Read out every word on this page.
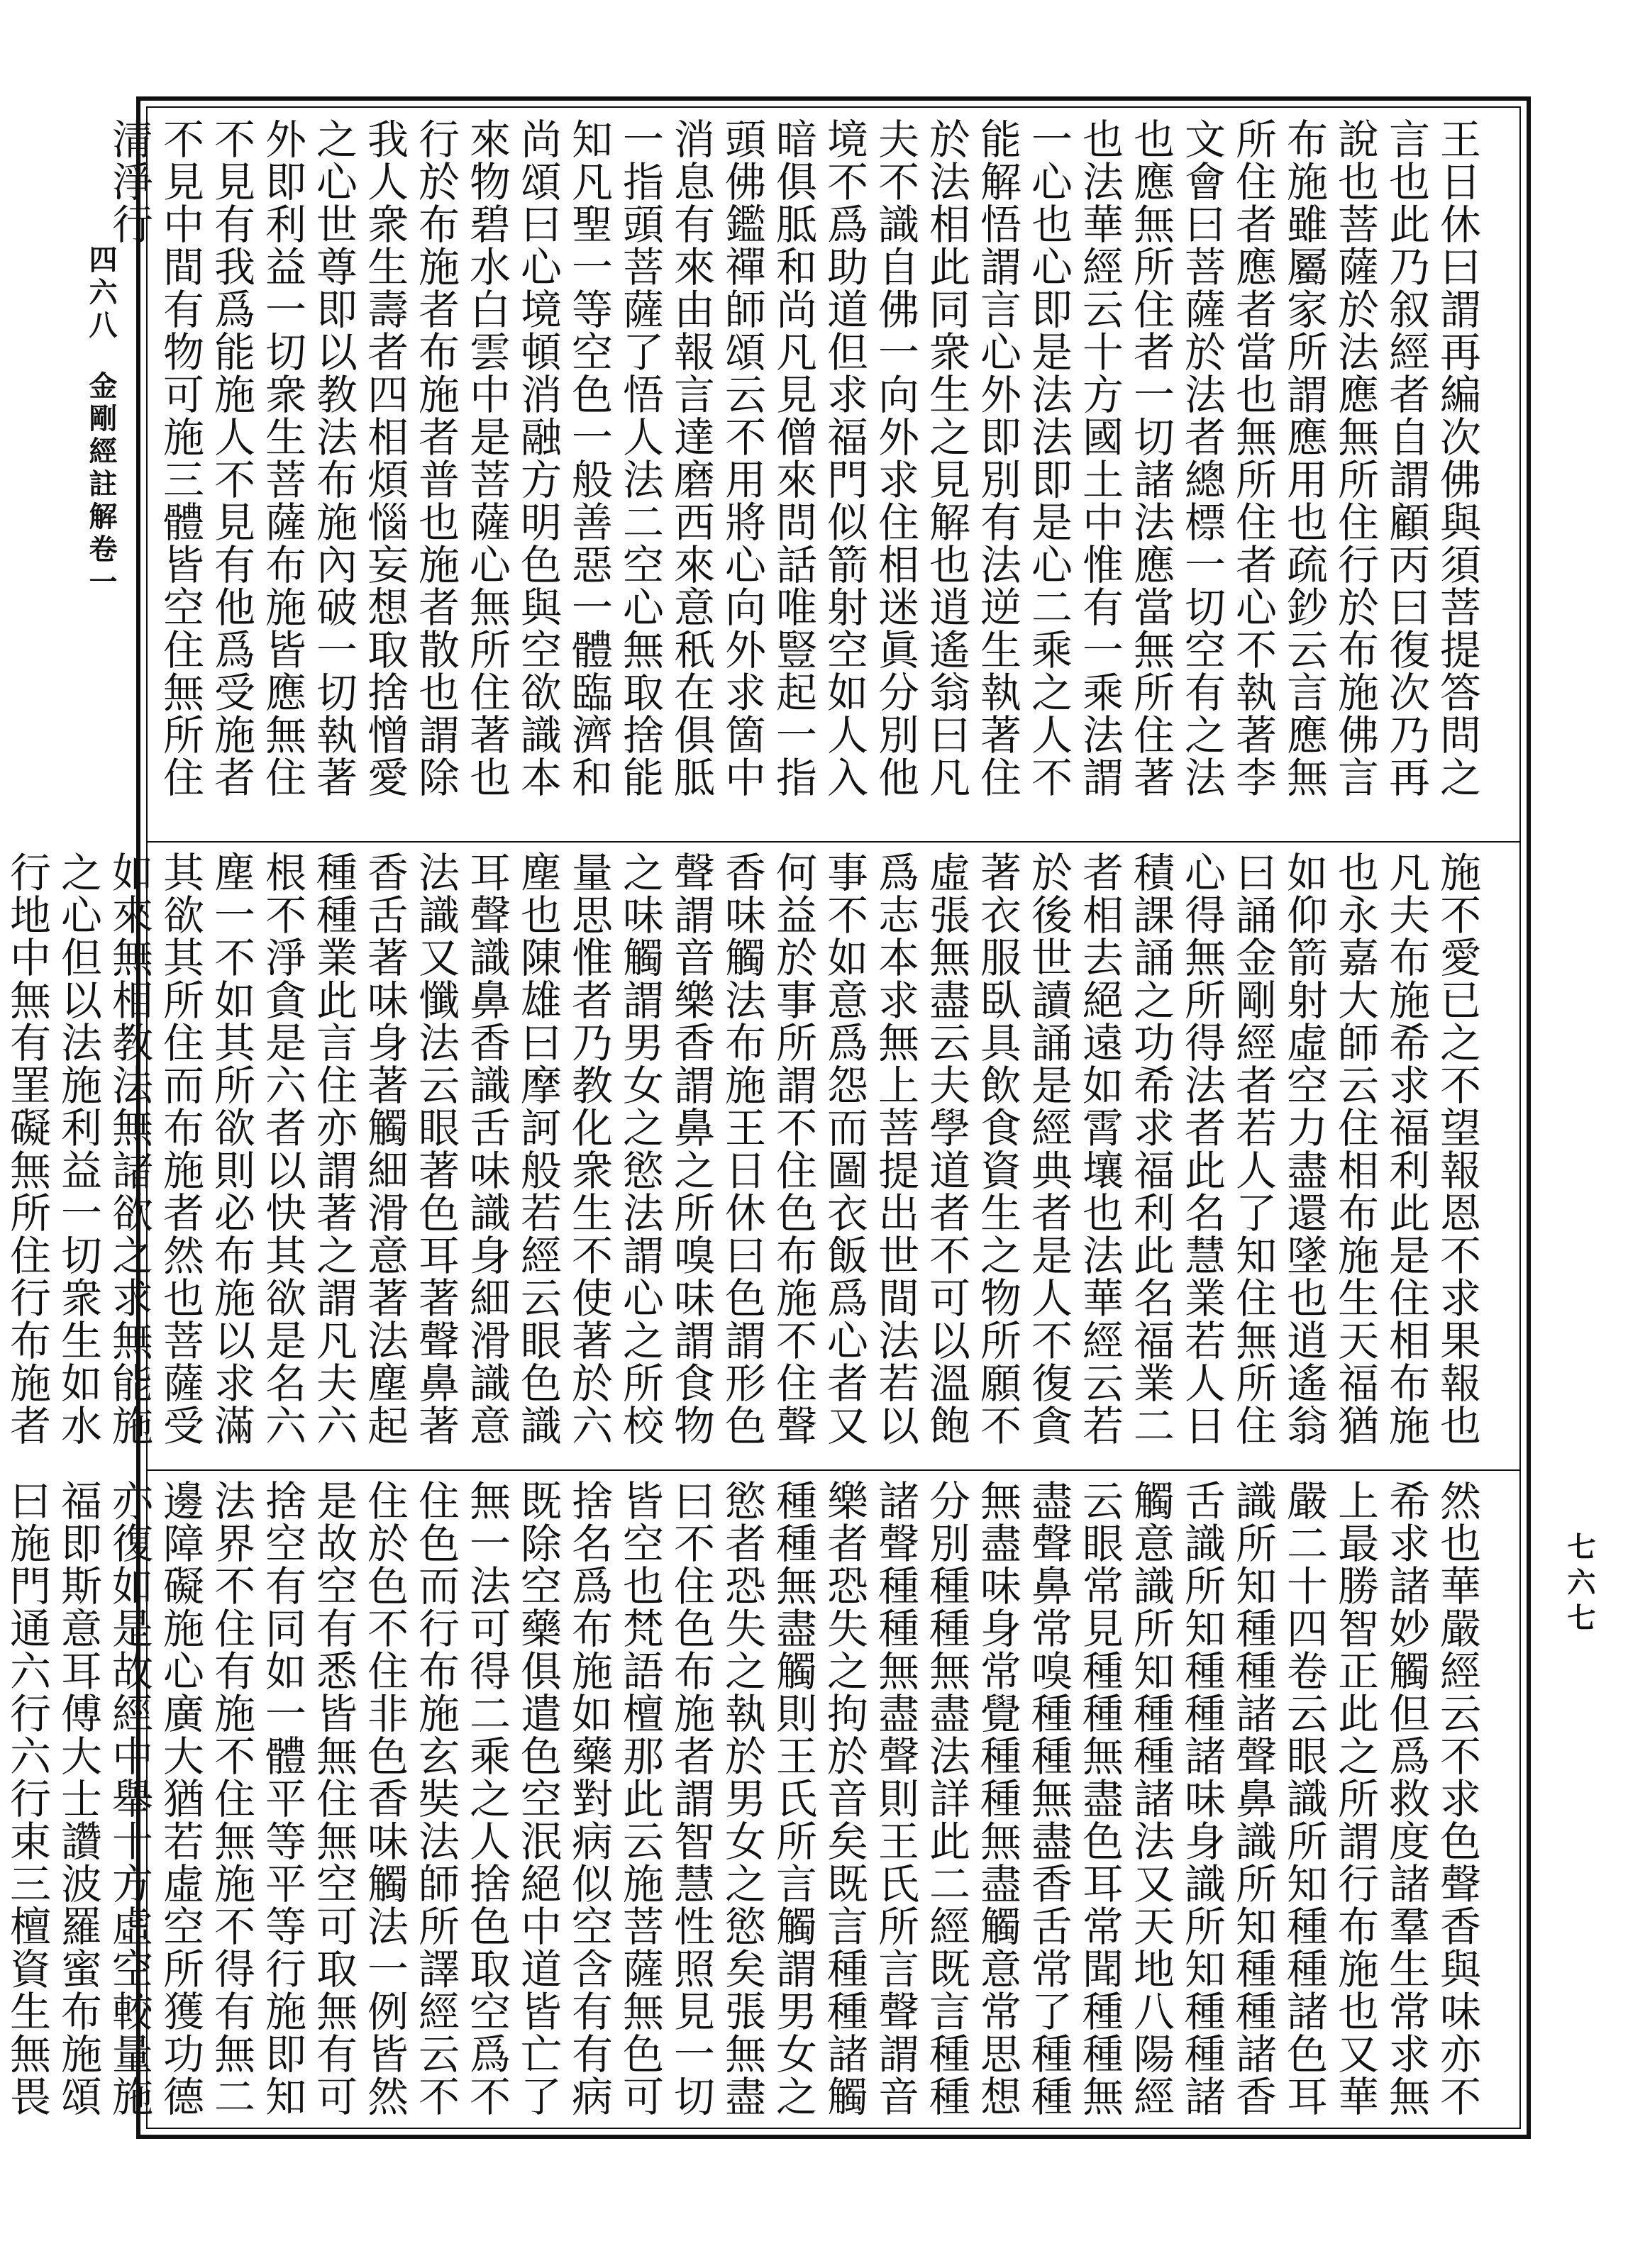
四六八金剛經註解卷一
七六七
王日休曰謂再編次佛與須菩提答問之言也此乃叙經者自謂顧丙曰復次乃再說也菩薩於法應無所住行於布施佛言布施雖屬家所謂應用也疏鈔云言應無所住者應者當也無所住者心不執著李文會曰菩薩於法者總標一切空有之法也應無所住者一切諸法應當無所住著也法華經云十方國土中惟有一乘法謂一心也心即是法法即是心二乘之人不能解悟謂言心外即別有法逆生執著住於法相此同衆生之見解也逍遙翁曰凡夫不識自佛一向外求住相迷眞分別他境不爲助道但求福門似箭射空如人入暗俱胝和尚凡見僧來問話唯豎起一指頭佛鑑禪師頌云不用將心向外求箇中消息有來由報言達磨西來意秖在俱胝一指頭菩薩了悟人法二空心無取捨能知凡聖一等空色一般善惡一體臨濟和尚頌曰心境頓消融方明色與空欲識本來物碧水白雲中是菩薩心無所住著也行於布施者布施者普也施者散也謂除我人衆生壽者四相煩惱妄想取捨憎愛之心世尊即以教法布施內破一切執著外即利益一切衆生菩薩布施皆應無住不見有我爲能施人不見有他爲受施者不見中間有物可施三體皆空住無所住清淨行
施不愛已之不望報恩不求果報也凡夫布施希求福利此是住相布施也永嘉大師云住相布施生天福猶如仰箭射虛空力盡還墜也逍遙翁曰誦金剛經者若人了知住無所住心得無所得法者此名慧業若人日積課誦之功希求福利此名福業二者相去絕遠如霄壤也法華經云若於後世讀誦是經典者是人不復貪著衣服臥具飲食資生之物所願不虛張無盡云夫學道者不可以溫飽爲志本求無上菩提出世間法若以事不如意爲怨而圖衣飯爲心者又何益於事所謂不住色布施不住聲香味觸法布施王日休曰色謂形色聲謂音樂香謂鼻之所嗅味謂食物之味觸謂男女之慾法謂心之所校量思惟者乃教化衆生不使著於六塵也陳雄曰摩訶般若經云眼色識耳聲識鼻香識舌味識身細滑識意法識又懺法云眼著色耳著聲鼻著香舌著味身著觸細滑意著法塵起種種業此言住亦謂著之謂凡夫六根不淨貪是六者以快其欲是名六塵一不如其所欲則必布施以求滿其欲其所住而布施者然也菩薩受如來無相教法無諸欲之求無能施之心但以法施利益一切衆生如水行地中無有罣礙無所住行布施者
然也華嚴經云不求色聲香與味亦不希求諸妙觸但爲救度諸羣生常求無上最勝智正此之所謂行布施也又華嚴二十四卷云眼識所知種種諸色耳識所知種種諸聲鼻識所知種種諸香舌識所知種種諸味身識所知種種諸觸意識所知種種諸法又天地八陽經云眼常見種種無盡色耳常聞種種無盡聲鼻常嗅種種無盡香舌常了種種無盡味身常覺種種無盡觸意常思想分別種種無盡法詳此二經既言種種諸聲種種無盡聲則王氏所言聲謂音樂者恐失之拘於音矣既言種種諸觸種種無盡觸則王氏所言觸謂男女之慾者恐失之執於男女之慾矣張無盡曰不住色布施者謂智慧性照見一切皆空也梵語檀那此云施菩薩無色可捨名爲布施如藥對病似空含有有病既除空藥俱遣色空泯絕中道皆亡了無一法可得二乘之人捨色取空爲不住色而行布施玄奘法師所譯經云不住於色不住非色香味觸法一例皆然是故空有悉皆無住無空可取無有可捨空有同如一體平等平等行施即知法界不住有施不住無施不得有無二邊障礙施心廣大猶若虛空所獲功德亦復如是故經中舉十方虛空較量施福即斯意耳傅大士讚波羅蜜布施頌曰施門通六行六行束三檀資生無畏
